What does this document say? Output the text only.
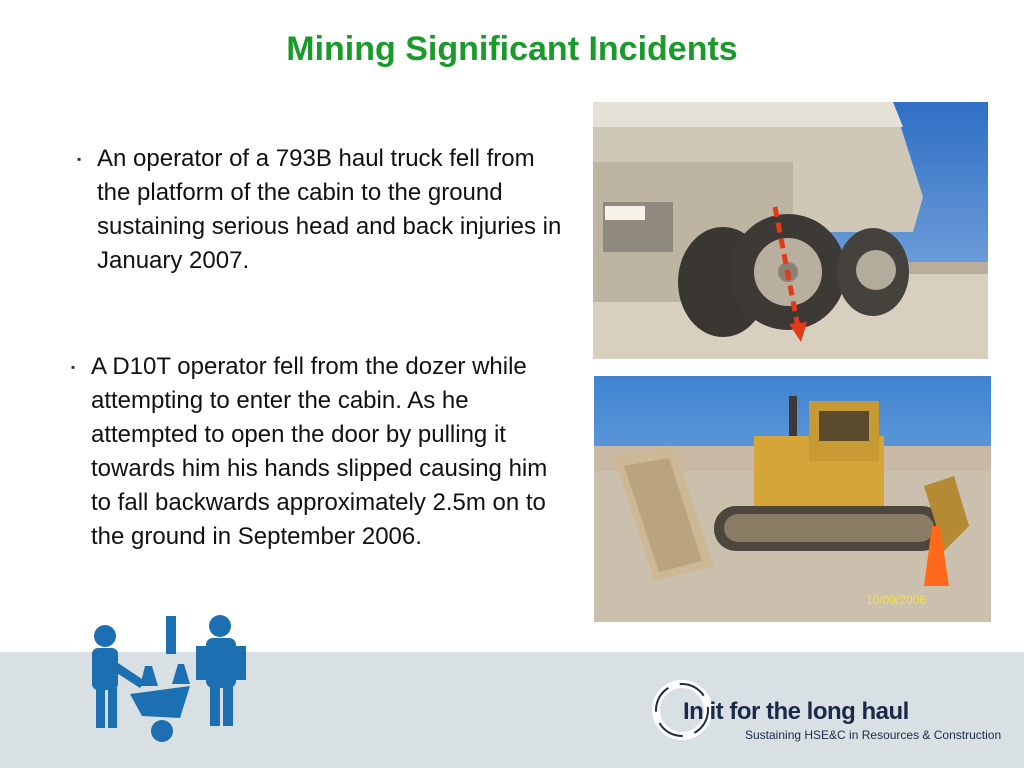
Mining Significant Incidents
▪ An operator of a 793B haul truck fell from the platform of the cabin to the ground sustaining serious head and back injuries in January 2007.
▪ A D10T operator fell from the dozer while attempting to enter the cabin. As he attempted to open the door by pulling it towards him his hands slipped causing him to fall backwards approximately 2.5m on to the ground in September 2006.
10/09/2006
In it for the long haul
Sustaining HSE&C in Resources & Construction
